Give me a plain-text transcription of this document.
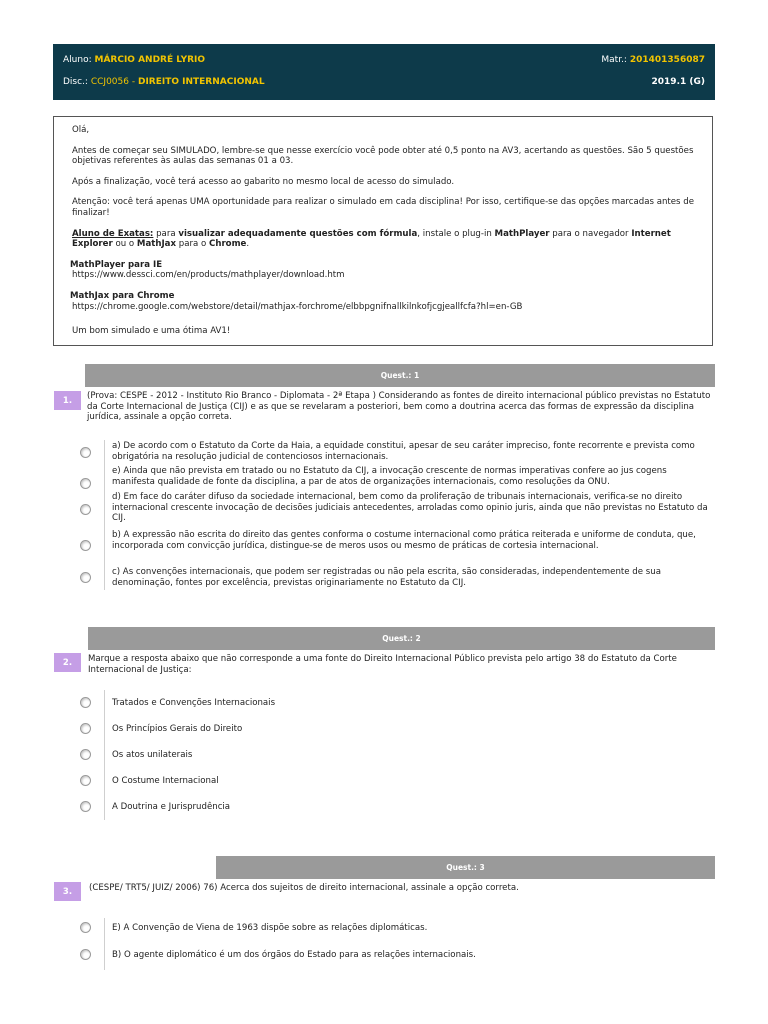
Aluno: MÁRCIO ANDRÉ LYRIO	Matr.: 201401356087
Disc.: CCJ0056 - DIREITO INTERNACIONAL	2019.1 (G)

Olá,

Antes de começar seu SIMULADO, lembre-se que nesse exercício você pode obter até 0,5 ponto na AV3, acertando as questões. São 5 questões objetivas referentes às aulas das semanas 01 a 03.

Após a finalização, você terá acesso ao gabarito no mesmo local de acesso do simulado.

Atenção: você terá apenas UMA oportunidade para realizar o simulado em cada disciplina! Por isso, certifique-se das opções marcadas antes de finalizar!

Aluno de Exatas: para visualizar adequadamente questões com fórmula, instale o plug-in MathPlayer para o navegador Internet Explorer ou o MathJax para o Chrome.

MathPlayer para IE
https://www.dessci.com/en/products/mathplayer/download.htm

MathJax para Chrome
https://chrome.google.com/webstore/detail/mathjax-forchrome/elbbpgnifnallkilnkofjcgjeallfcfa?hl=en-GB

Um bom simulado e uma ótima AV1!

Quest.: 1
1.	(Prova: CESPE - 2012 - Instituto Rio Branco - Diplomata - 2ª Etapa ) Considerando as fontes de direito internacional público previstas no Estatuto da Corte Internacional de Justiça (CIJ) e as que se revelaram a posteriori, bem como a doutrina acerca das formas de expressão da disciplina jurídica, assinale a opção correta.
a) De acordo com o Estatuto da Corte da Haia, a equidade constitui, apesar de seu caráter impreciso, fonte recorrente e prevista como obrigatória na resolução judicial de contenciosos internacionais.
e) Ainda que não prevista em tratado ou no Estatuto da CIJ, a invocação crescente de normas imperativas confere ao jus cogens manifesta qualidade de fonte da disciplina, a par de atos de organizações internacionais, como resoluções da ONU.
d) Em face do caráter difuso da sociedade internacional, bem como da proliferação de tribunais internacionais, verifica-se no direito internacional crescente invocação de decisões judiciais antecedentes, arroladas como opinio juris, ainda que não previstas no Estatuto da CIJ.
b) A expressão não escrita do direito das gentes conforma o costume internacional como prática reiterada e uniforme de conduta, que, incorporada com convicção jurídica, distingue-se de meros usos ou mesmo de práticas de cortesia internacional.
c) As convenções internacionais, que podem ser registradas ou não pela escrita, são consideradas, independentemente de sua denominação, fontes por excelência, previstas originariamente no Estatuto da CIJ.
Quest.: 2
2.	Marque a resposta abaixo que não corresponde a uma fonte do Direito Internacional Público prevista pelo artigo 38 do Estatuto da Corte Internacional de Justiça:
Tratados e Convenções Internacionais
Os Princípios Gerais do Direito
Os atos unilaterais
O Costume Internacional
A Doutrina e Jurisprudência
Quest.: 3
3.	(CESPE/ TRT5/ JUIZ/ 2006) 76) Acerca dos sujeitos de direito internacional, assinale a opção correta.
E) A Convenção de Viena de 1963 dispõe sobre as relações diplomáticas.
B) O agente diplomático é um dos órgãos do Estado para as relações internacionais.
